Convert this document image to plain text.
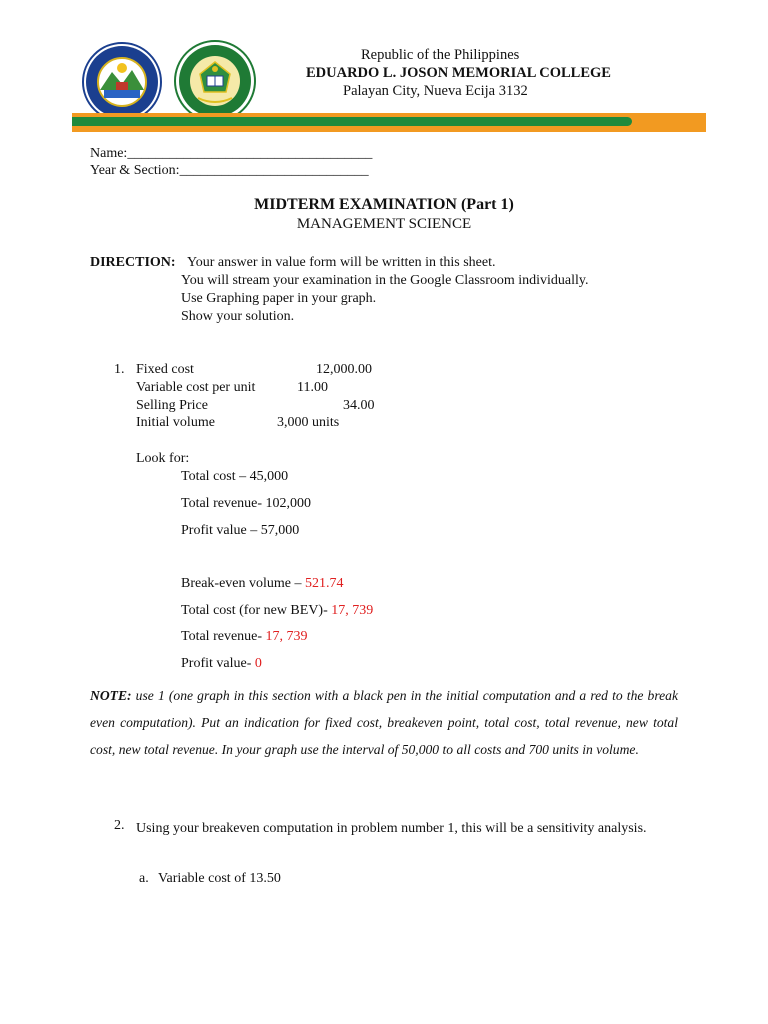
Republic of the Philippines
EDUARDO L. JOSON MEMORIAL COLLEGE
Palayan City, Nueva Ecija 3132
Name:___________________________________
Year & Section:___________________________
MIDTERM EXAMINATION (Part 1)
MANAGEMENT SCIENCE
DIRECTION: Your answer in value form will be written in this sheet.
You will stream your examination in the Google Classroom individually.
Use Graphing paper in your graph.
Show your solution.
1. Fixed cost	12,000.00
Variable cost per unit	11.00
Selling Price	34.00
Initial volume	3,000 units
Look for:
Total cost – 45,000
Total revenue- 102,000
Profit value – 57,000
Break-even volume – 521.74
Total cost (for new BEV)- 17, 739
Total revenue- 17, 739
Profit value- 0
NOTE: use 1 (one graph in this section with a black pen in the initial computation and a red to the break even computation). Put an indication for fixed cost, breakeven point, total cost, total revenue, new total cost, new total revenue. In your graph use the interval of 50,000 to all costs and 700 units in volume.
2. Using your breakeven computation in problem number 1, this will be a sensitivity analysis.
a. Variable cost of 13.50
